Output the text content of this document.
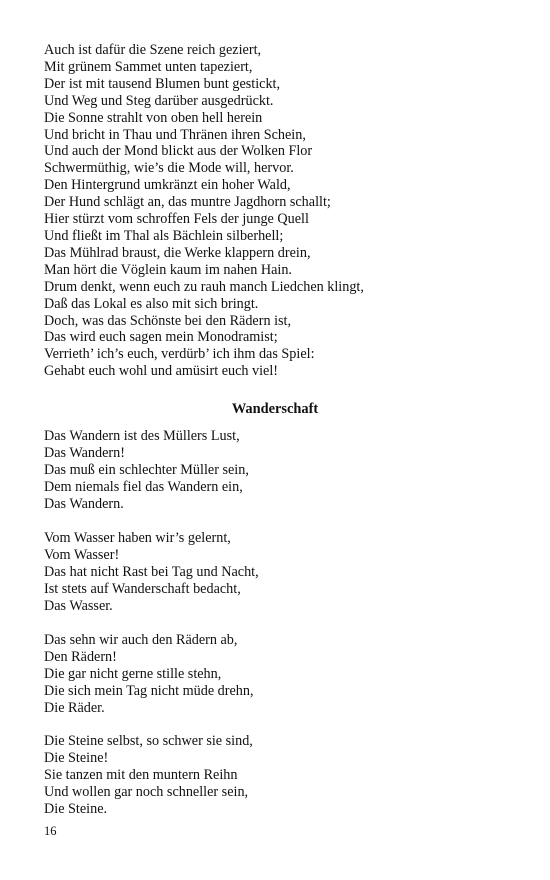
Auch ist dafür die Szene reich geziert,
Mit grünem Sammet unten tapeziert,
Der ist mit tausend Blumen bunt gestickt,
Und Weg und Steg darüber ausgedrückt.
Die Sonne strahlt von oben hell herein
Und bricht in Thau und Thränen ihren Schein,
Und auch der Mond blickt aus der Wolken Flor
Schwermüthig, wie’s die Mode will, hervor.
Den Hintergrund umkränzt ein hoher Wald,
Der Hund schlägt an, das muntre Jagdhorn schallt;
Hier stürzt vom schroffen Fels der junge Quell
Und fließt im Thal als Bächlein silberhell;
Das Mühlrad braust, die Werke klappern drein,
Man hört die Vöglein kaum im nahen Hain.
Drum denkt, wenn euch zu rauh manch Liedchen klingt,
Daß das Lokal es also mit sich bringt.
Doch, was das Schönste bei den Rädern ist,
Das wird euch sagen mein Monodramist;
Verrieth’ ich’s euch, verdürb’ ich ihm das Spiel:
Gehabt euch wohl und amüsirt euch viel!
Wanderschaft
Das Wandern ist des Müllers Lust,
Das Wandern!
Das muß ein schlechter Müller sein,
Dem niemals fiel das Wandern ein,
Das Wandern.
Vom Wasser haben wir’s gelernt,
Vom Wasser!
Das hat nicht Rast bei Tag und Nacht,
Ist stets auf Wanderschaft bedacht,
Das Wasser.
Das sehn wir auch den Rädern ab,
Den Rädern!
Die gar nicht gerne stille stehn,
Die sich mein Tag nicht müde drehn,
Die Räder.
Die Steine selbst, so schwer sie sind,
Die Steine!
Sie tanzen mit den muntern Reihn
Und wollen gar noch schneller sein,
Die Steine.
16
